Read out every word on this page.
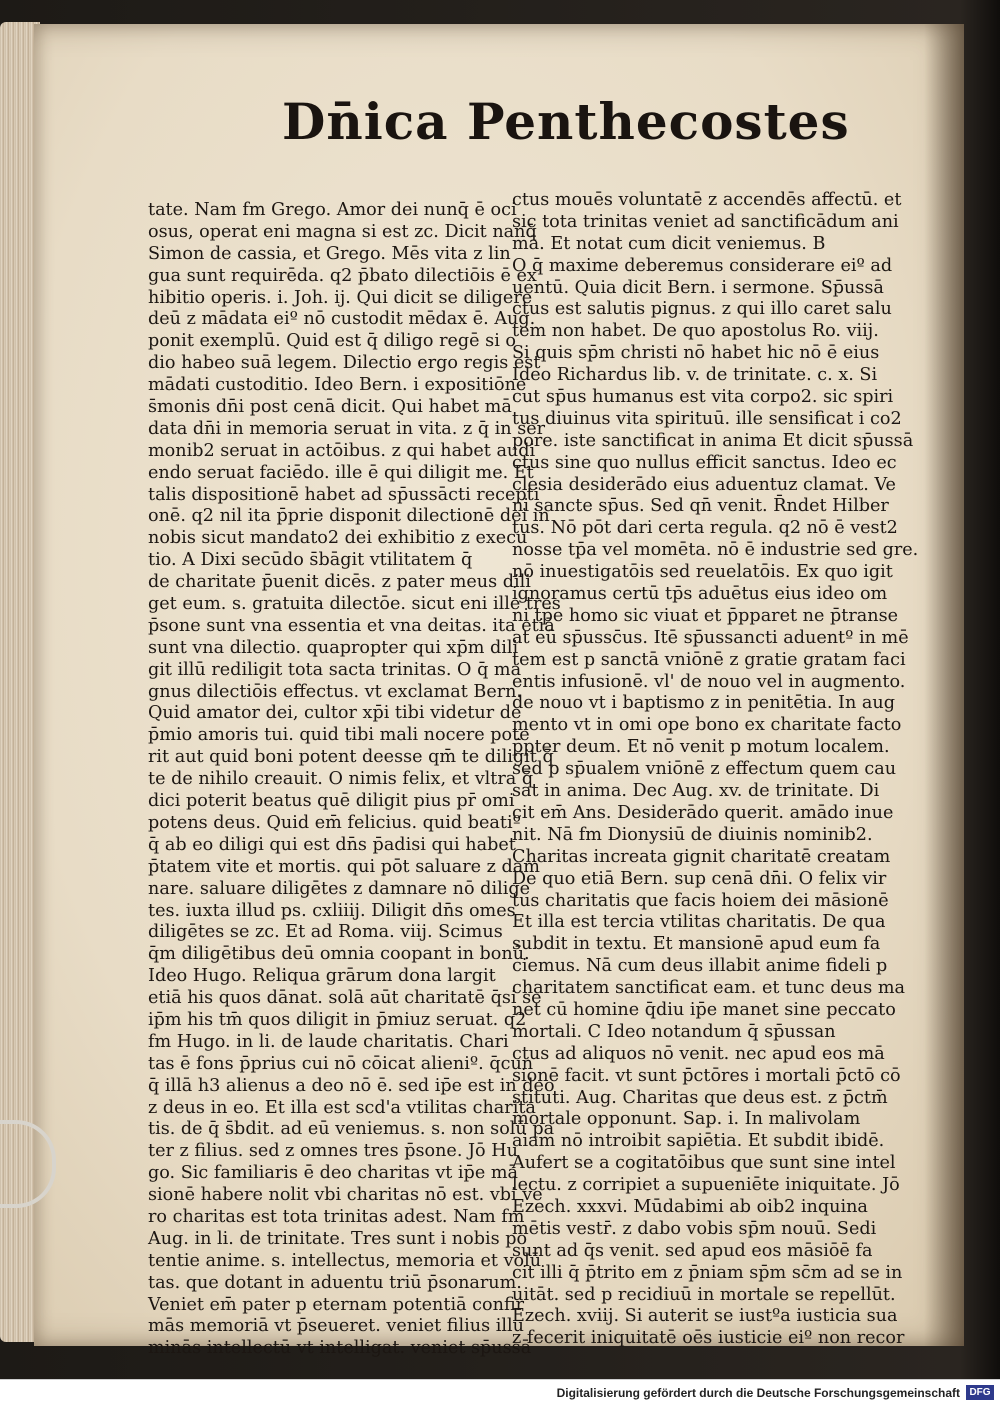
Dn̄ica Penthecostes
tate. Nam fm Grego. Amor dei nunq̄ ē oci
osus, operat eni magna si est zc. Dicit nanq̄
Simon de cassia, et Grego. Mēs vita z lin
gua sunt requirēda. q2 p̄bato dilectiōis ē ex
hibitio operis. i. Joh. ij. Qui dicit se diligere
deū z mādata eiº nō custodit mēdax ē. Aug.
ponit exemplū. Quid est q̄ diligo regē si o
dio habeo suā legem. Dilectio ergo regis est
mādati custoditio. Ideo Bern. i expositiōne
s̄monis dn̄i post cenā dicit. Qui habet mā
data dn̄i in memoria seruat in vita. z q̄ in ser
monib2 seruat in actōibus. z qui habet audi
endo seruat faciēdo. ille ē qui diligit me. Et
talis dispositionē habet ad sp̄ussācti recepti
onē. q2 nil ita p̄prie disponit dilectionē dei in
nobis sicut mandato2 dei exhibitio z execu
tio. A Dixi secūdo s̄bāgit vtilitatem q̄
de charitate p̄uenit dicēs. z pater meus dili
get eum. s. gratuita dilectōe. sicut eni ille tres
p̄sone sunt vna essentia et vna deitas. ita etiā
sunt vna dilectio. quapropter qui xp̄m dili
git illū rediligit tota sacta trinitas. O q̄ ma
gnus dilectiōis effectus. vt exclamat Bern.
Quid amator dei, cultor xp̄i tibi videtur de
p̄mio amoris tui. quid tibi mali nocere pote
rit aut quid boni potent deesse qm̄ te diligit q̄
te de nihilo creauit. O nimis felix, et vltra q̄
dici poterit beatus quē diligit pius pr̄ omi
potens deus. Quid em̄ felicius. quid beatiº
q̄ ab eo diligi qui est dn̄s p̄adisi qui habet
p̄tatem vite et mortis. qui pōt saluare z dam
nare. saluare diligētes z damnare nō dilige
tes. iuxta illud ps. cxliiij. Diligit dn̄s omes
diligētes se zc. Et ad Roma. viij. Scimus
q̄m diligētibus deū omnia coopant in bonū.
Ideo Hugo. Reliqua grārum dona largit
etiā his quos dānat. solā aūt charitatē q̄si se
ip̄m his tm̄ quos diligit in p̄miuz seruat. q2
fm Hugo. in li. de laude charitatis. Chari
tas ē fons p̄prius cui nō cōicat alieniº. q̄cun
q̄ illā h3 alienus a deo nō ē. sed ip̄e est in deo
z deus in eo. Et illa est scd'a vtilitas charita
tis. de q̄ s̄bdit. ad eū veniemus. s. non solū pa
ter z filius. sed z omnes tres p̄sone. Jō Hu
go. Sic familiaris ē deo charitas vt ip̄e mā
sionē habere nolit vbi charitas nō est. vbi ve
ro charitas est tota trinitas adest. Nam fm
Aug. in li. de trinitate. Tres sunt i nobis po
tentie anime. s. intellectus, memoria et volū
tas. que dotant in aduentu triū p̄sonarum.
Veniet em̄ pater p eternam potentiā confir
mās memoriā vt p̄seueret. veniet filius illu
minās intellectū vt intelligat. veniet sp̄ussā
ctus mouēs voluntatē z accendēs affectū. et
sic tota trinitas veniet ad sanctificādum ani
mā. Et notat cum dicit veniemus. B
O q̄ maxime deberemus considerare eiº ad
uentū. Quia dicit Bern. i sermone. Sp̄ussā
ctus est salutis pignus. z qui illo caret salu
tem non habet. De quo apostolus Ro. viij.
Si quis sp̄m christi nō habet hic nō ē eius
Ideo Richardus lib. v. de trinitate. c. x. Si
cut sp̄us humanus est vita corpo2. sic spiri
tus diuinus vita spirituū. ille sensificat i co2
pore. iste sanctificat in anima Et dicit sp̄ussā
ctus sine quo nullus efficit sanctus. Ideo ec
clesia desiderādo eius aduentuz clamat. Ve
ni sancte sp̄us. Sed qn̄ venit. R̄ndet Hilber
tus. Nō pōt dari certa regula. q2 nō ē vest2
nosse tp̄a vel momēta. nō ē industrie sed gre.
nō inuestigatōis sed reuelatōis. Ex quo igit
ignoramus certū tp̄s aduētus eius ideo om
ni tp̄e homo sic viuat et p̄pparet ne p̄transe
at eū sp̄ussc̄us. Itē sp̄ussancti aduentº in mē
tem est p sanctā vniōnē z gratie gratam faci
entis infusionē. vl' de nouo vel in augmento.
de nouo vt i baptismo z in penitētia. In aug
mento vt in omi ope bono ex charitate facto
p̄pter deum. Et nō venit p motum localem.
sed p sp̄ualem vniōnē z effectum quem cau
sat in anima. Dec Aug. xv. de trinitate. Di
cit em̄ Ans. Desiderādo querit. amādo inue
nit. Nā fm Dionysiū de diuinis nominib2.
Charitas increata gignit charitatē creatam
De quo etiā Bern. sup cenā dn̄i. O felix vir
tus charitatis que facis hoiem dei māsionē
Et illa est tercia vtilitas charitatis. De qua
subdit in textu. Et mansionē apud eum fa
ciemus. Nā cum deus illabit anime fideli p
charitatem sanctificat eam. et tunc deus ma
net cū homine q̄diu ip̄e manet sine peccato
mortali. C Ideo notandum q̄ sp̄ussan
ctus ad aliquos nō venit. nec apud eos mā
sionē facit. vt sunt p̄ctōres i mortali p̄ctō cō
stituti. Aug. Charitas que deus est. z p̄ctm̄
mortale opponunt. Sap. i. In malivolam
aiam nō introibit sapiētia. Et subdit ibidē.
Aufert se a cogitatōibus que sunt sine intel
lectu. z corripiet a supueniēte iniquitate. Jō
Ezech. xxxvi. Mūdabimi ab oib2 inquina
mētis vestr̄. z dabo vobis sp̄m nouū. Sedi
sunt ad q̄s venit. sed apud eos māsiōē fa
cit illi q̄ p̄trito em z p̄niam sp̄m sc̄m ad se in
uitāt. sed p recidiuū in mortale se repellūt.
Ezech. xviij. Si auterit se iustºa iusticia sua
z fecerit iniquitatē oēs iusticie eiº non recor
Digitalisierung gefördert durch die Deutsche Forschungsgemeinschaft DFG
